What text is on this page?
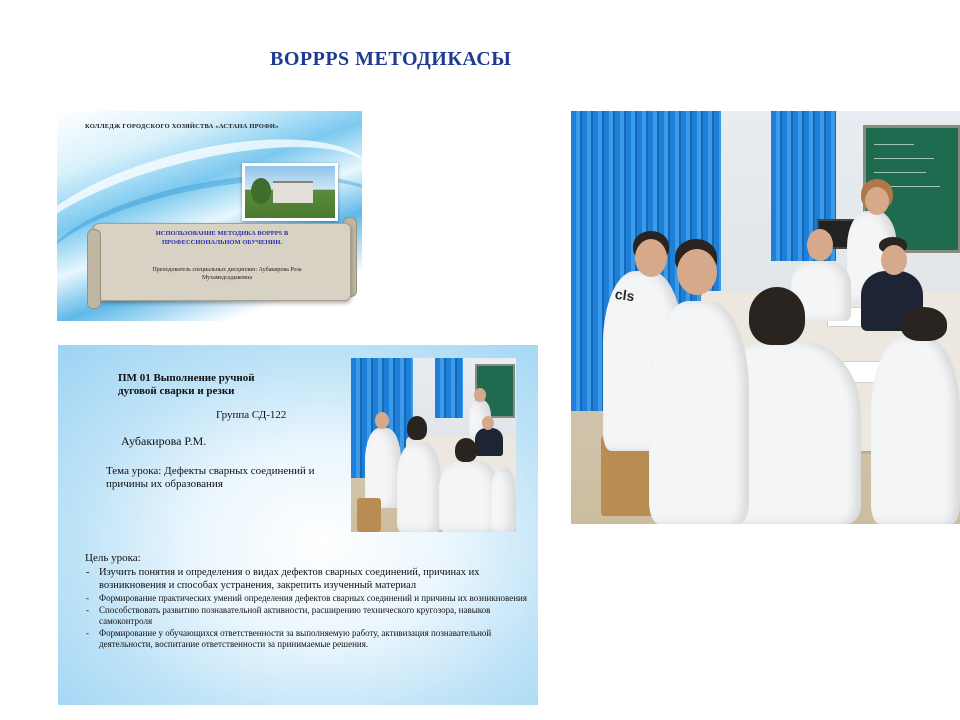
BOPPPS МЕТОДИКАСЫ
КОЛЛЕДЖ ГОРОДСКОГО ХОЗЯЙСТВА «АСТАНА ПРОФИ»
ИСПОЛЬЗОВАНИЕ МЕТОДИКА BOPPPS В
ПРОФЕССИОНАЛЬНОМ ОБУЧЕНИИ.
Преподователь специальных дисциплин: Аубакирова Роза
Мухамедсадыковна
cls
ПМ 01 Выполнение ручной
дуговой сварки и резки
Группа СД-122
Аубакирова Р.М.
Тема урока: Дефекты сварных соединений и
причины их образования
Цель урока:
- Изучить понятия и определения о видах дефектов сварных соединений, причинах их возникновения и способах устранения, закрепить изученный материал
- Формирование практических умений определения дефектов сварных соединений и причины их возникновения
- Способствовать развитию познавательной активности, расширению технического кругозора, навыков самоконтроля
- Формирование у обучающихся ответственности за выполняемую работу, активизация познавательной деятельности, воспитание ответственности за принимаемые решения.
